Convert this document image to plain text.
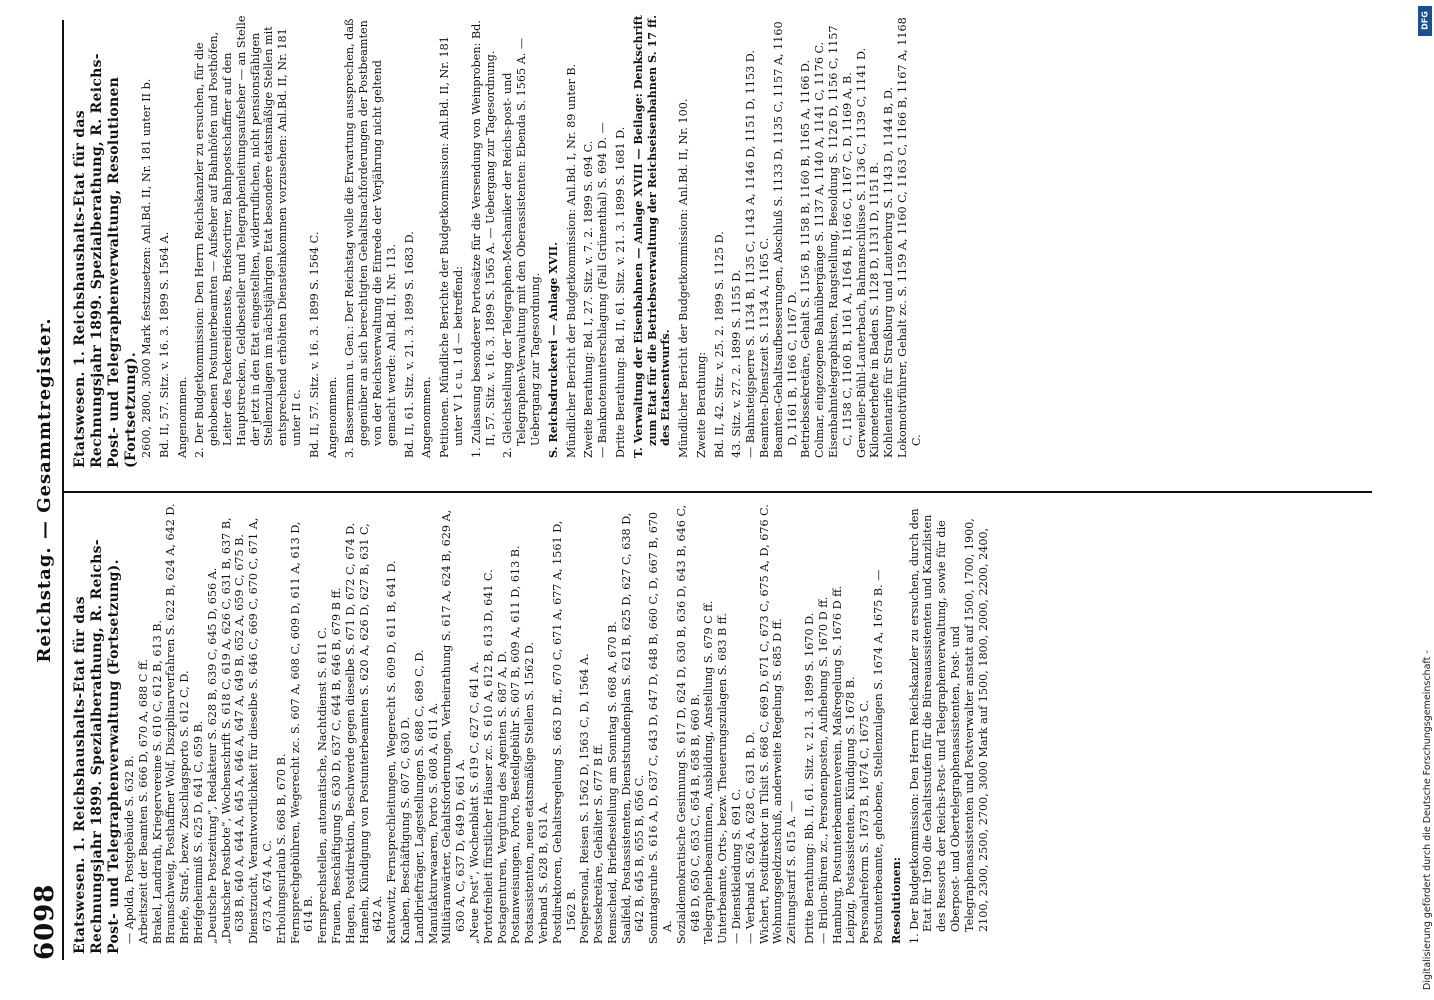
6098
Reichstag. — Gesammtregister.

Etatswesen. 1. Reichshaushalts-Etat für das Rechnungsjahr 1899. Spezialberathung, R. Reichs-Post- und Telegraphenverwaltung (Fortsetzung). — Apolda, Postgebäude S. 632 B. Arbeitszeit der Beamten S. 666 D, 670 A, 688 C ff. Brakel, Landrath, Kriegervereine S. 610 C, 612 B, 613 B. Braunschweig, Posthaffner Wolf, Disziplinarverfahren S. 622 B, 624 A, 642 D. Briefe, Straf-, bezw. Zuschlagsporto S. 612 C, D. Briefgeheimniß S. 625 D, 641 C, 659 B. „Deutsche Postzeitung“, Redakteur S. 628 B, 639 C, 645 D, 656 A. „Deutscher Postbote“, Wochenschrift S. 618 C, 619 A, 626 C, 631 B, 637 B, 638 B, 640 A, 644 A, 645 A, 646 A, 647 A, 649 B, 652 A, 659 C, 675 B. Dienstzucht, Verantwortlichkeit für dieselbe S. 646 C, 669 C, 670 C, 671 A, 673 A, 674 A, C. Erholungsurlaub S. 668 B, 670 B. Fernsprechgebühren, Wegerecht zc. S. 607 A, 608 C, 609 D, 611 A, 613 D, 614 B. Fernsprechstellen, automatische, Nachtdienst S. 611 C. Frauen, Beschäftigung S. 630 D, 637 C, 644 B, 646 B, 679 B ff. Hagen, Postdirektion, Beschwerde gegen dieselbe S. 671 D, 672 C, 674 D. Hameln, Kündigung von Postunterbeamten S. 620 A, 626 D, 627 B, 631 C, 642 A. Kattowitz, Fernsprechleitungen, Wegerecht S. 609 D, 611 B, 641 D. Knaben, Beschäftigung S. 607 C, 630 D. Landbriefträger, Lagestellungen S. 688 C, 689 C, D. Manufakturwaaren, Porto S. 608 A, 611 A. Militäranwärter, Gehaltsforderungen, Verheirathung S. 617 A, 624 B, 629 A, 630 A, C, 637 D, 649 D, 661 A. „Neue Post“, Wochenblatt S. 619 C, 627 C, 641 A. Portofreiheit fürstlicher Häuser zc. S. 610 A, 612 B, 613 D, 641 C. Postagenturen, Vergütung des Agenten S. 687 A, D. Postanweisungen, Porto, Bestellgebühr S. 607 B, 609 A, 611 D, 613 B. Postassistenten, neue etatsmäßige Stellen S. 1562 D. Verband S. 628 B, 631 A. Postdirektoren, Gehaltsregelung S. 663 D ff., 670 C, 671 A, 677 A, 1561 D, 1562 B. Postpersonal, Reisen S. 1562 D, 1563 C, D, 1564 A. Postsekretäre, Gehälter S. 677 B ff. Remscheid, Briefbestellung am Sonntag S. 668 A, 670 B. Saalfeld, Postassistenten, Dienststundenplan S. 621 B, 625 D, 627 C, 638 D, 642 B, 645 B, 655 B, 656 C. Sonntagsruhe S. 616 A, D, 637 C, 643 D, 647 D, 648 B, 660 C, D, 667 B, 670 A. Sozialdemokratische Gesinnung S. 617 D, 624 D, 630 B, 636 D, 643 B, 646 C, 648 D, 650 C, 653 C, 654 B, 658 B, 660 B. Telegraphenbeamtinnen, Ausbildung, Anstellung S. 679 C ff. Unterbeamte, Orts-, bezw. Theuerungszulagen S. 683 B ff. — Dienstkleidung S. 691 C. — Verband S. 626 A, 628 C, 631 B, D. Wichert, Postdirektor in Tilsit S. 668 C, 669 D, 671 C, 673 C, 675 A, D, 676 C. Wohnungsgeldzuschuß, anderweite Regelung S. 685 D ff. Zeitungstarif S. 615 A. — Dritte Berathung: Bb. II, 61. Sitz. v. 21. 3. 1899 S. 1670 D. — Brilon-Büren zc., Personenposten, Aufhebung S. 1670 D ff. Hamburg, Postunterbeamtenverein, Maßregelung S. 1676 D ff. Leipzig, Postassistenten, Kündigung S. 1678 B. Personalreform S. 1673 B, 1674 C, 1675 C. Postunterbeamte, gehobene, Stellenzulagen S. 1674 A, 1675 B. — Resolutionen: 1. Der Budgetkommission: Den Herrn Reichskanzler zu ersuchen, durch den Etat für 1900 die Gehaltsstufen für die Büreauassistenten und Kanzlisten des Ressorts der Reichs-Post- und Telegraphenverwaltung, sowie für die Oberpost- und Obertelegraphenassistenten, Post- und Telegraphenassistenten und Postverwalter anstatt auf 1500, 1700, 1900, 2100, 2300, 2500, 2700, 3000 Mark auf 1500, 1800, 2000, 2200, 2400,

Etatswesen. 1. Reichshaushalts-Etat für das Rechnungsjahr 1899. Spezialberathung, R. Reichs-Post- und Telegraphenverwaltung, Resolutionen (Fortsetzung). 2600, 2800, 3000 Mark festzusetzen: Anl.Bd. II, Nr. 181 unter II b. Bd. II, 57. Sitz. v. 16. 3. 1899 S. 1564 A. Angenommen. 2. Der Budgetkommission: Den Herrn Reichskanzler zu ersuchen, für die gehobenen Postunterbeamten — Aufseher auf Bahnhöfen und Posthöfen, Leiter des Packereidienstes, Briefsortirer, Bahnpostschaffner auf den Hauptstrecken, Geldbesteller und Telegraphenleitungsaufseher — an Stelle der jetzt in den Etat eingestellten, widerruflichen, nicht pensionsfähigen Stellenzulagen im nächstjährigen Etat besondere etatsmäßige Stellen mit entsprechend erhöhten Diensteinkommen vorzusehen: Anl.Bd. II, Nr. 181 unter II c. Bd. II, 57. Sitz. v. 16. 3. 1899 S. 1564 C. Angenommen. 3. Bassermann u. Gen.: Der Reichstag wolle die Erwartung aussprechen, daß gegenüber an sich berechtigten Gehaltsnachforderungen der Postbeamten von der Reichsverwaltung die Einrede der Verjährung nicht geltend gemacht werde: Anl.Bd. II, Nr. 113. Bd. II, 61. Sitz. v. 21. 3. 1899 S. 1683 D. Angenommen. Petitionen. Mündliche Berichte der Budgetkommission: Anl.Bd. II, Nr. 181 unter V 1 c u. 1 d — betreffend: 1. Zulassung besonderer Portosätze für die Versendung von Weinproben: Bd. II, 57. Sitz. v. 16. 3. 1899 S. 1565 A. — Uebergang zur Tagesordnung. 2. Gleichstellung der Telegraphen-Mechaniker der Reichs-post- und Telegraphen-Verwaltung mit den Oberassistenten: Ebenda S. 1565 A. — Uebergang zur Tagesordnung. S. Reichsdruckerei — Anlage XVII. Mündlicher Bericht der Budgetkommission: Anl.Bd. I, Nr. 89 unter B. Zweite Berathung: Bd. I, 27. Sitz. v. 7. 2. 1899 S. 694 C. — Banknotenunterschlagung (Fall Grünenthal) S. 694 D. — Dritte Berathung: Bd. II, 61. Sitz. v. 21. 3. 1899 S. 1681 D. T. Verwaltung der Eisenbahnen — Anlage XVIII — Beilage: Denkschrift zum Etat für die Betriebsverwaltung der Reichseisenbahnen S. 17 ff. des Etatsentwurfs. Mündlicher Bericht der Budgetkommission: Anl.Bd. II, Nr. 100. Zweite Berathung: Bd. II, 42. Sitz. v. 25. 2. 1899 S. 1125 D. 43. Sitz. v. 27. 2. 1899 S. 1155 D. — Bahnsteigsperre S. 1134 B, 1135 C, 1143 A, 1146 D, 1151 D, 1153 D. Beamten-Dienstzeit S. 1134 A, 1165 C. Beamten-Gehaltsaufbesserungen, Abschluß S. 1133 D, 1135 C, 1157 A, 1160 D, 1161 B, 1166 C, 1167 D. Betriebssekretäre, Gehalt S. 1156 B, 1158 B, 1160 B, 1165 A, 1166 D. Colmar, eingezogene Bahnübergänge S. 1137 A, 1140 A, 1141 C, 1176 C. Eisenbahntelegraphisten, Rangstellung, Besoldung S. 1126 D, 1156 C, 1157 C, 1158 C, 1160 B, 1161 A, 1164 B, 1166 C, 1167 C, D, 1169 A, B. Gerweiler-Bühl-Lauterbach, Bahnanschlüsse S. 1136 C, 1139 C, 1141 D. Kilometerhefte in Baden S. 1128 D, 1131 D, 1151 B. Kohlentarife für Straßburg und Lauterburg S. 1143 D, 1144 B, D. Lokomotivführer, Gehalt zc. S. 1159 A, 1160 C, 1163 C, 1166 B, 1167 A, 1168 C.

Digitalisierung gefördert durch die Deutsche Forschungsgemeinschaft -
DFG
